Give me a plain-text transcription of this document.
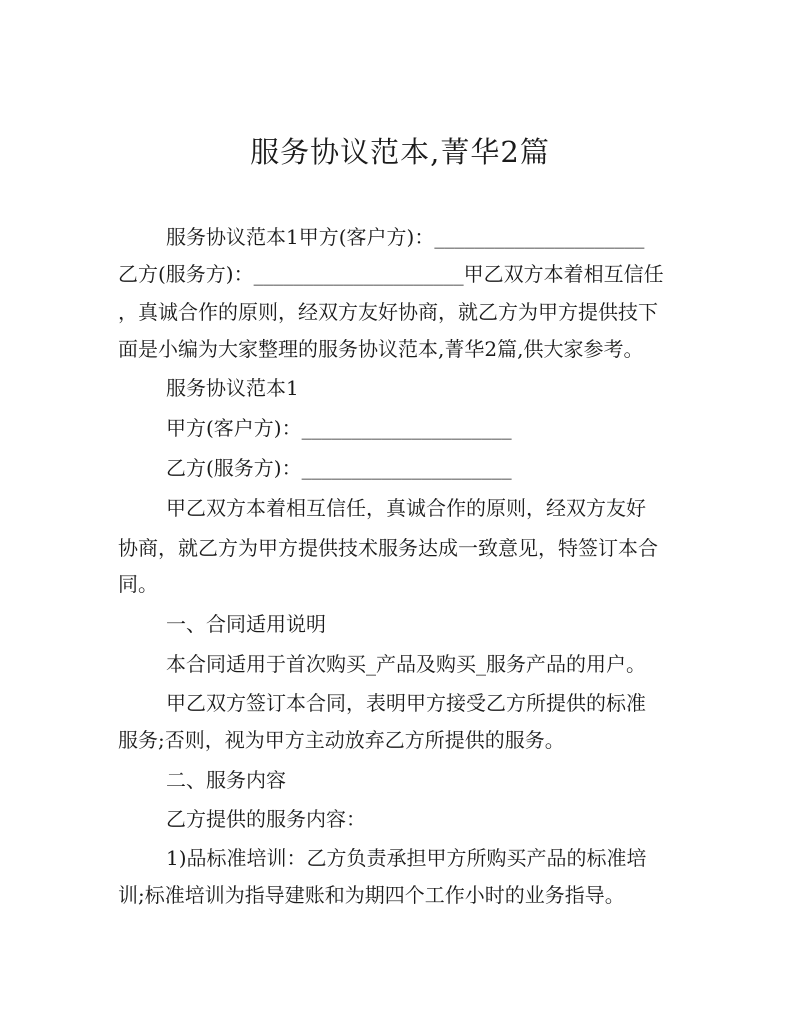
服务协议范本,菁华2篇
服务协议范本1甲方(客户方)：_____________________
乙方(服务方)：_____________________甲乙双方本着相互信任
，真诚合作的原则，经双方友好协商，就乙方为甲方提供技下
面是小编为大家整理的服务协议范本,菁华2篇,供大家参考。
服务协议范本1
甲方(客户方)：_____________________
乙方(服务方)：_____________________
甲乙双方本着相互信任，真诚合作的原则，经双方友好
协商，就乙方为甲方提供技术服务达成一致意见，特签订本合
同。
一、合同适用说明
本合同适用于首次购买_产品及购买_服务产品的用户。
甲乙双方签订本合同，表明甲方接受乙方所提供的标准
服务;否则，视为甲方主动放弃乙方所提供的服务。
二、服务内容
乙方提供的服务内容：
1)品标准培训：乙方负责承担甲方所购买产品的标准培
训;标准培训为指导建账和为期四个工作小时的业务指导。
